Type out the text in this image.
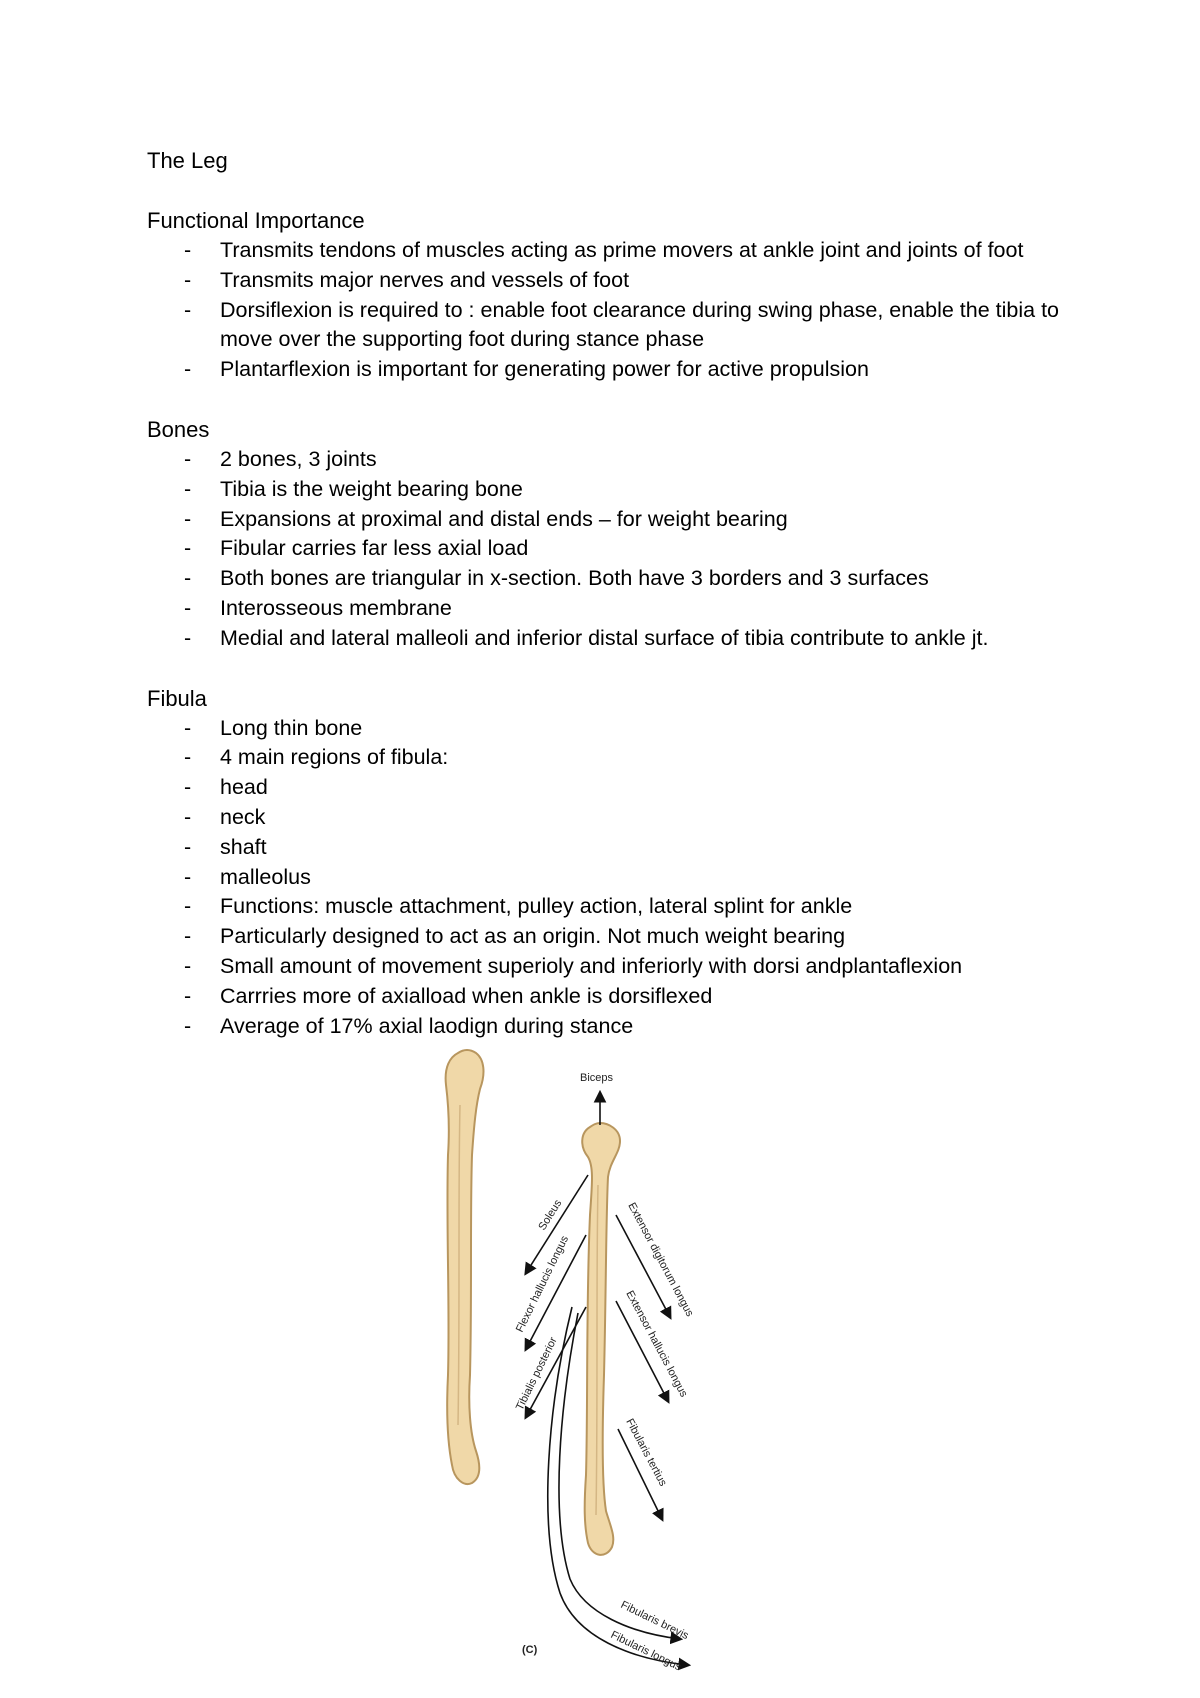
The Leg
Functional Importance
- Transmits tendons of muscles acting as prime movers at ankle joint and joints of foot
- Transmits major nerves and vessels of foot
- Dorsiflexion is required to : enable foot clearance during swing phase, enable the tibia to move over the supporting foot during stance phase
- Plantarflexion is important for generating power for active propulsion
Bones
- 2 bones, 3 joints
- Tibia is the weight bearing bone
- Expansions at proximal and distal ends – for weight bearing
- Fibular carries far less axial load
- Both bones are triangular in x-section. Both have 3 borders and 3 surfaces
- Interosseous membrane
- Medial and lateral malleoli and inferior distal surface of tibia contribute to ankle jt.
Fibula
- Long thin bone
- 4 main regions of fibula:
- head
- neck
- shaft
- malleolus
- Functions: muscle attachment, pulley action, lateral splint for ankle
- Particularly designed to act as an origin. Not much weight bearing
- Small amount of movement superioly and inferiorly with dorsi andplantaflexion
- Carrries more of axialload when ankle is dorsiflexed
- Average of 17% axial laodign during stance
Biceps
Soleus
Flexor hallucis longus
Tibialis posterior
Extensor digitorum longus
Extensor hallucis longus
Fibularis tertius
Fibularis brevis
Fibularis longus
(C)
